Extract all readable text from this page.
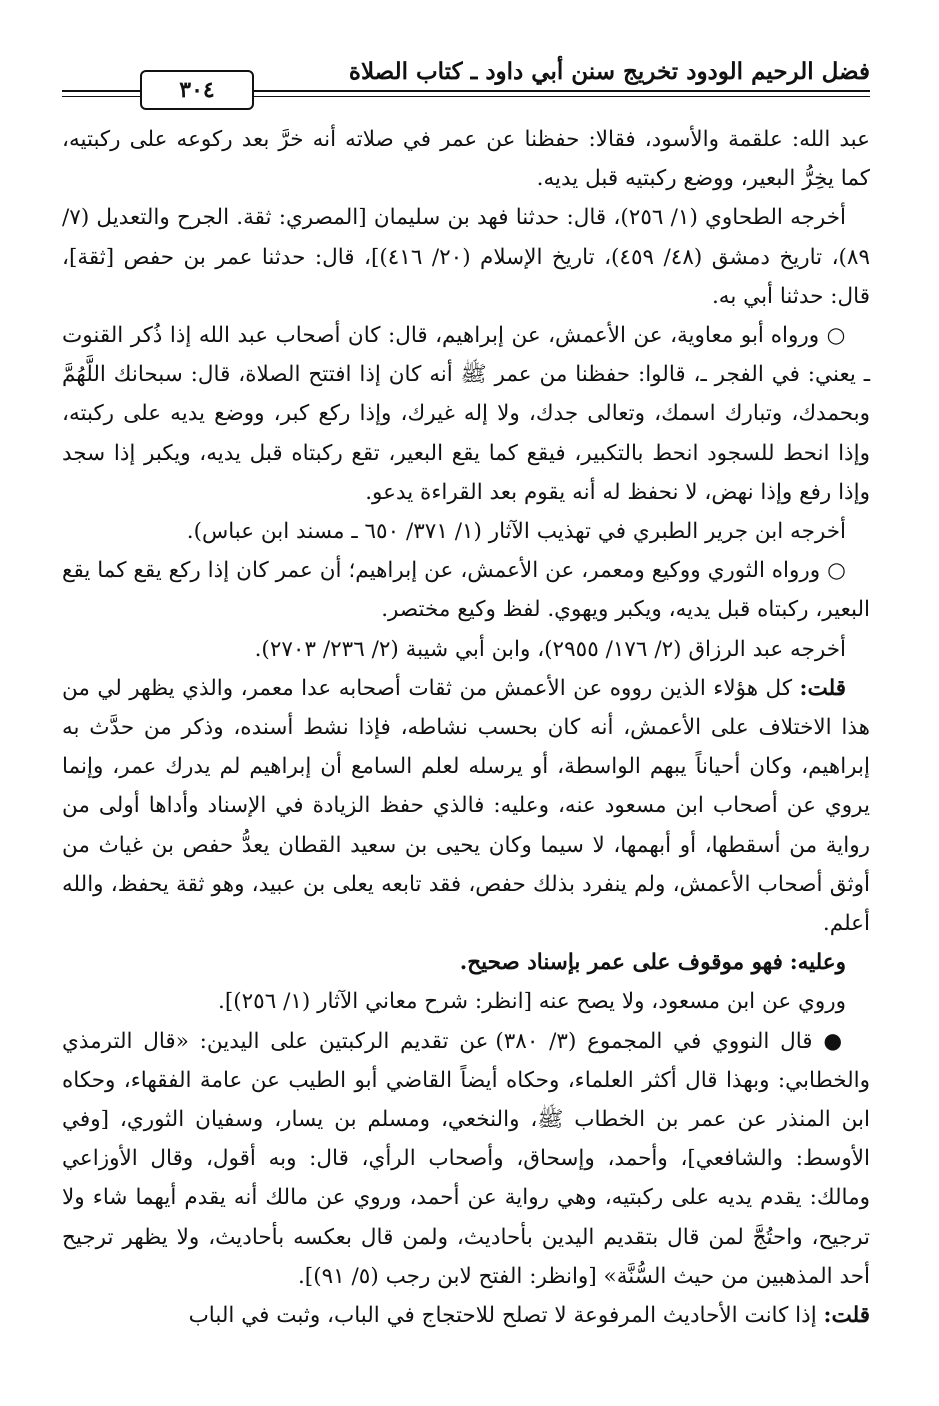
فضل الرحيم الودود تخريج سنن أبي داود ـ كتاب الصلاة
٣٠٤

عبد الله: علقمة والأسود، فقالا: حفظنا عن عمر في صلاته أنه خرَّ بعد ركوعه على ركبتيه، كما يخِرُّ البعير، ووضع ركبتيه قبل يديه.

أخرجه الطحاوي (١/ ٢٥٦)، قال: حدثنا فهد بن سليمان [المصري: ثقة. الجرح والتعديل (٧/ ٨٩)، تاريخ دمشق (٤٨/ ٤٥٩)، تاريخ الإسلام (٢٠/ ٤١٦)]، قال: حدثنا عمر بن حفص [ثقة]، قال: حدثنا أبي به.

○ ورواه أبو معاوية، عن الأعمش، عن إبراهيم، قال: كان أصحاب عبد الله إذا ذُكر القنوت ـ يعني: في الفجر ـ، قالوا: حفظنا من عمر ﷺ أنه كان إذا افتتح الصلاة، قال: سبحانك اللَّهُمَّ وبحمدك، وتبارك اسمك، وتعالى جدك، ولا إله غيرك، وإذا ركع كبر، ووضع يديه على ركبته، وإذا انحط للسجود انحط بالتكبير، فيقع كما يقع البعير، تقع ركبتاه قبل يديه، ويكبر إذا سجد وإذا رفع وإذا نهض، لا نحفظ له أنه يقوم بعد القراءة يدعو.

أخرجه ابن جرير الطبري في تهذيب الآثار (١/ ٣٧١/ ٦٥٠ ـ مسند ابن عباس).

○ ورواه الثوري ووكيع ومعمر، عن الأعمش، عن إبراهيم؛ أن عمر كان إذا ركع يقع كما يقع البعير، ركبتاه قبل يديه، ويكبر ويهوي. لفظ وكيع مختصر.

أخرجه عبد الرزاق (٢/ ١٧٦/ ٢٩٥٥)، وابن أبي شيبة (٢/ ٢٣٦/ ٢٧٠٣).

قلت: كل هؤلاء الذين رووه عن الأعمش من ثقات أصحابه عدا معمر، والذي يظهر لي من هذا الاختلاف على الأعمش، أنه كان بحسب نشاطه، فإذا نشط أسنده، وذكر من حدَّث به إبراهيم، وكان أحياناً يبهم الواسطة، أو يرسله لعلم السامع أن إبراهيم لم يدرك عمر، وإنما يروي عن أصحاب ابن مسعود عنه، وعليه: فالذي حفظ الزيادة في الإسناد وأداها أولى من رواية من أسقطها، أو أبهمها، لا سيما وكان يحيى بن سعيد القطان يعدُّ حفص بن غياث من أوثق أصحاب الأعمش، ولم ينفرد بذلك حفص، فقد تابعه يعلى بن عبيد، وهو ثقة يحفظ، والله أعلم.

وعليه: فهو موقوف على عمر بإسناد صحيح.

وروي عن ابن مسعود، ولا يصح عنه [انظر: شرح معاني الآثار (١/ ٢٥٦)].

● قال النووي في المجموع (٣/ ٣٨٠) عن تقديم الركبتين على اليدين: «قال الترمذي والخطابي: وبهذا قال أكثر العلماء، وحكاه أيضاً القاضي أبو الطيب عن عامة الفقهاء، وحكاه ابن المنذر عن عمر بن الخطاب ﷺ، والنخعي، ومسلم بن يسار، وسفيان الثوري، [وفي الأوسط: والشافعي]، وأحمد، وإسحاق، وأصحاب الرأي، قال: وبه أقول، وقال الأوزاعي ومالك: يقدم يديه على ركبتيه، وهي رواية عن أحمد، وروي عن مالك أنه يقدم أيهما شاء ولا ترجيح، واحتُجَّ لمن قال بتقديم اليدين بأحاديث، ولمن قال بعكسه بأحاديث، ولا يظهر ترجيح أحد المذهبين من حيث السُّنَّة» [وانظر: الفتح لابن رجب (٥/ ٩١)].

قلت: إذا كانت الأحاديث المرفوعة لا تصلح للاحتجاج في الباب، وثبت في الباب
